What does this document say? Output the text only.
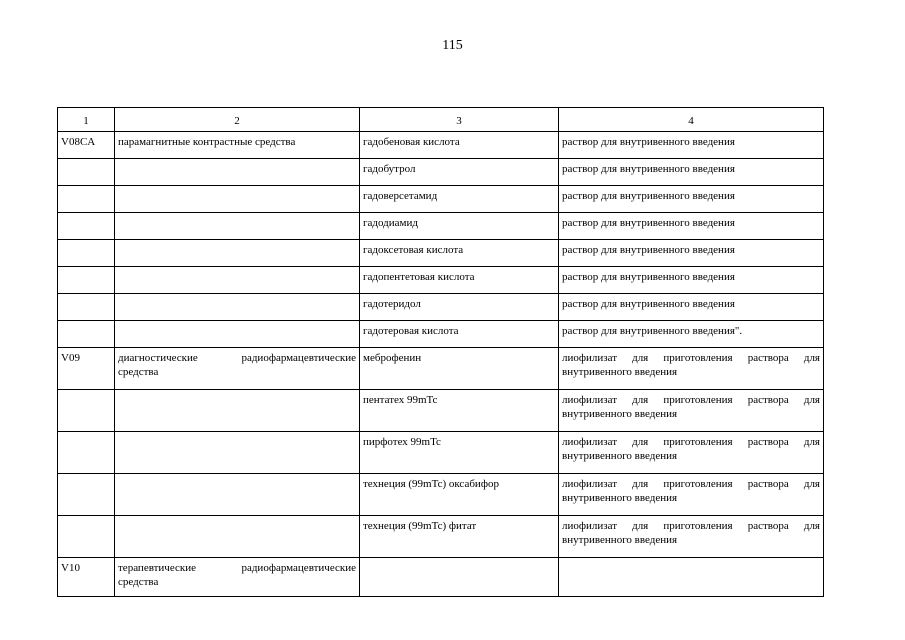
115
1	2	3	4
V08CA	парамагнитные контрастные средства	гадобеновая кислота	раствор для внутривенного введения
		гадобутрол	раствор для внутривенного введения
		гадоверсетамид	раствор для внутривенного введения
		гадодиамид	раствор для внутривенного введения
		гадоксетовая кислота	раствор для внутривенного введения
		гадопентетовая кислота	раствор для внутривенного введения
		гадотеридол	раствор для внутривенного введения
		гадотеровая кислота	раствор для внутривенного введения".
V09	диагностические радиофармацевтические средства	меброфенин	лиофилизат для приготовления раствора для внутривенного введения
		пентатех 99mTc	лиофилизат для приготовления раствора для внутривенного введения
		пирфотех 99mTc	лиофилизат для приготовления раствора для внутривенного введения
		технеция (99mTc) оксабифор	лиофилизат для приготовления раствора для внутривенного введения
		технеция (99mTc) фитат	лиофилизат для приготовления раствора для внутривенного введения
V10	терапевтические радиофармацевтические средства		
